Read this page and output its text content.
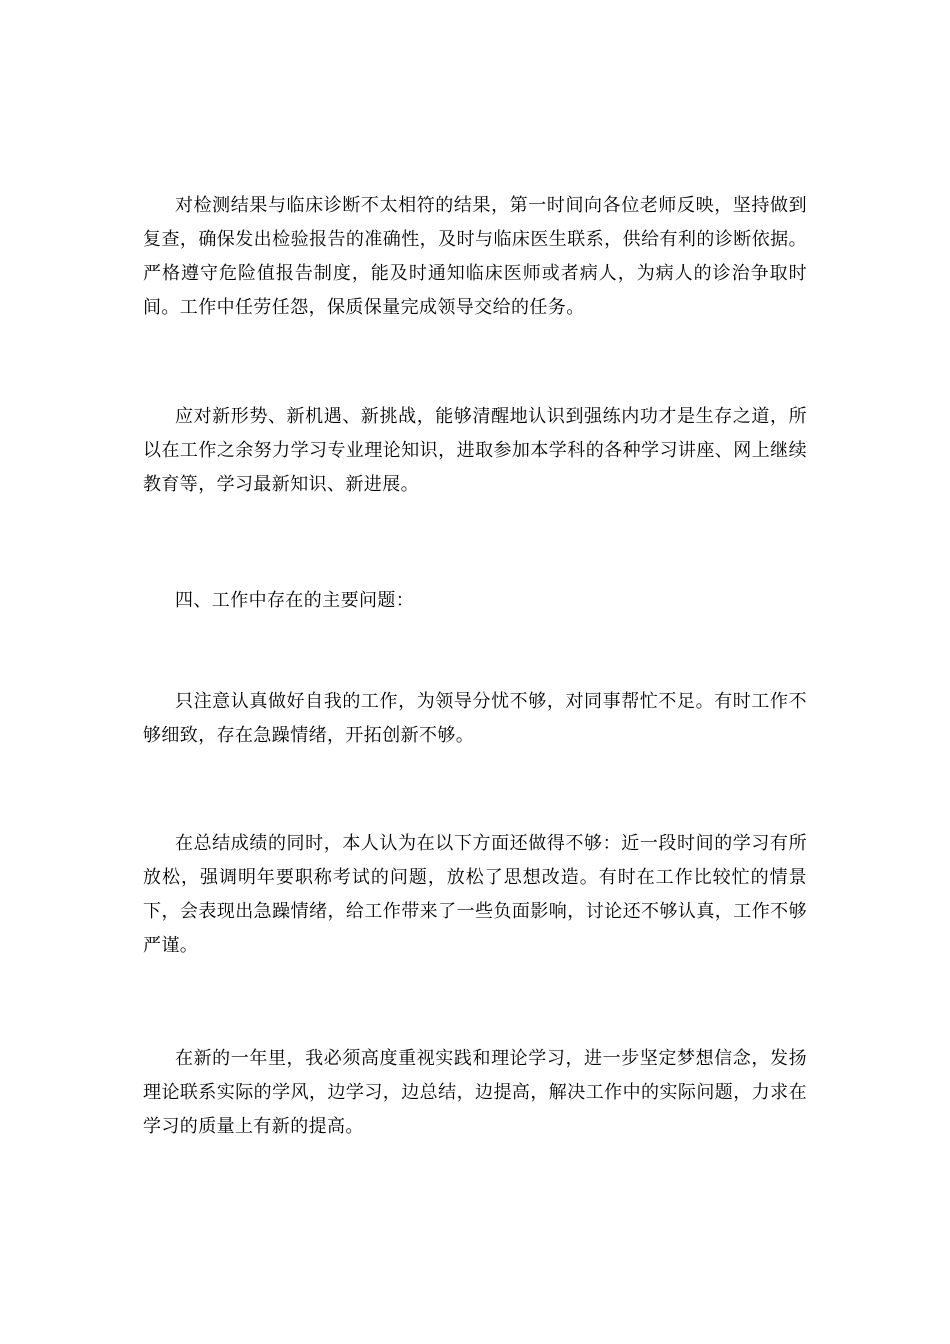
对检测结果与临床诊断不太相符的结果，第一时间向各位老师反映，坚持做到复查，确保发出检验报告的准确性，及时与临床医生联系，供给有利的诊断依据。严格遵守危险值报告制度，能及时通知临床医师或者病人，为病人的诊治争取时间。工作中任劳任怨，保质保量完成领导交给的任务。

应对新形势、新机遇、新挑战，能够清醒地认识到强练内功才是生存之道，所以在工作之余努力学习专业理论知识，进取参加本学科的各种学习讲座、网上继续教育等，学习最新知识、新进展。

四、工作中存在的主要问题：

只注意认真做好自我的工作，为领导分忧不够，对同事帮忙不足。有时工作不够细致，存在急躁情绪，开拓创新不够。

在总结成绩的同时，本人认为在以下方面还做得不够：近一段时间的学习有所放松，强调明年要职称考试的问题，放松了思想改造。有时在工作比较忙的情景下，会表现出急躁情绪，给工作带来了一些负面影响，讨论还不够认真，工作不够严谨。

在新的一年里，我必须高度重视实践和理论学习，进一步坚定梦想信念，发扬理论联系实际的学风，边学习，边总结，边提高，解决工作中的实际问题，力求在学习的质量上有新的提高。
